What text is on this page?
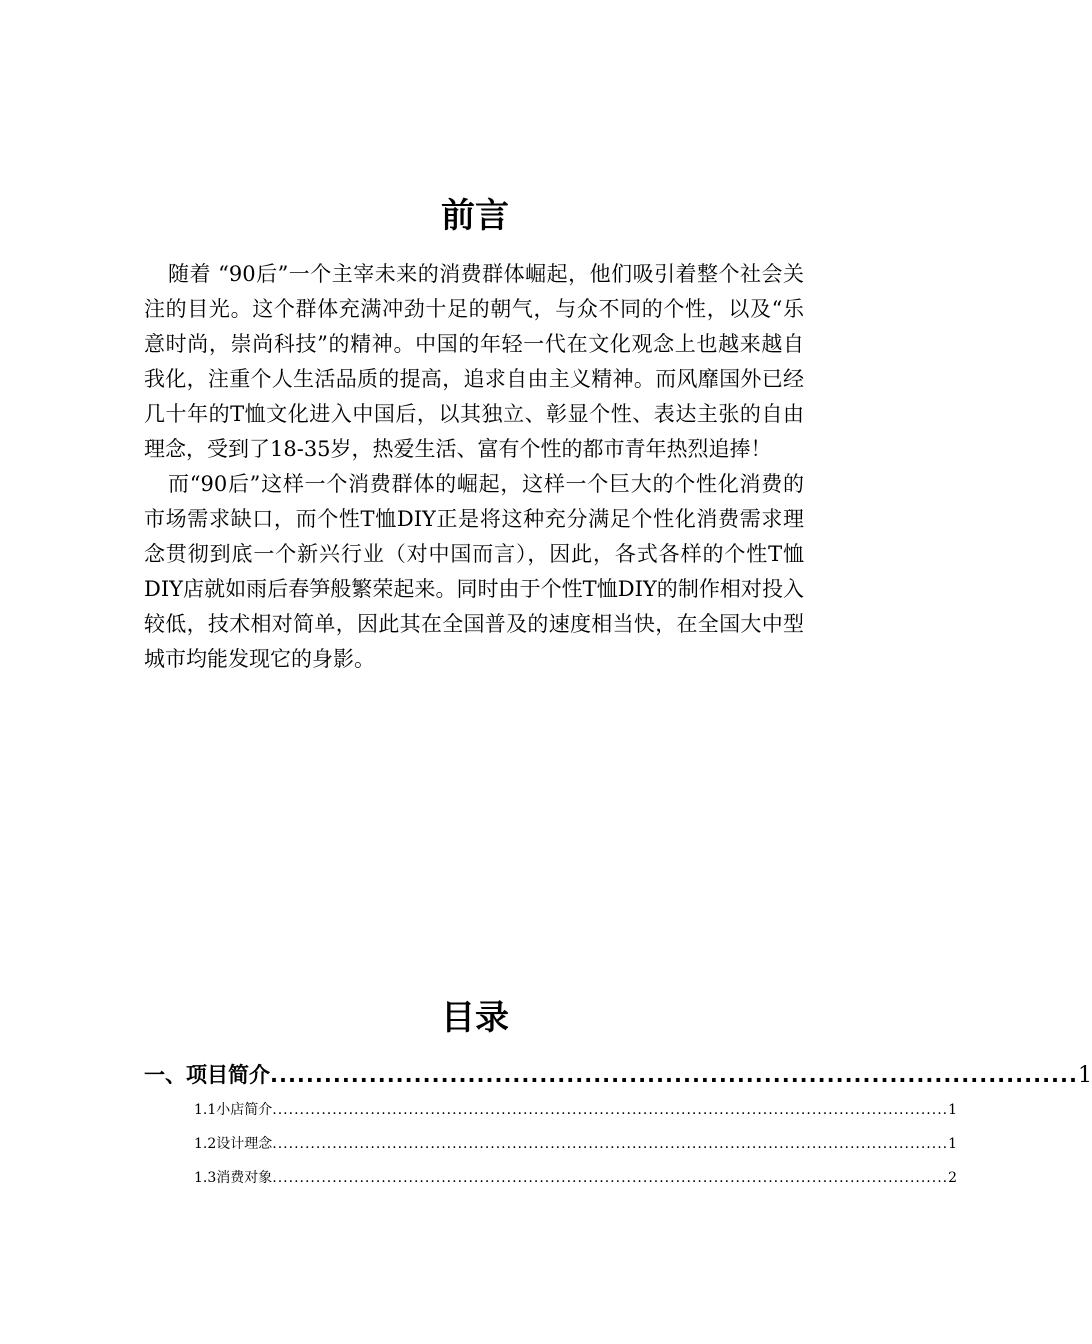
前言

随着 “90后”一个主宰未来的消费群体崛起，他们吸引着整个社会关注的目光。这个群体充满冲劲十足的朝气，与众不同的个性，以及“乐意时尚，崇尚科技”的精神。中国的年轻一代在文化观念上也越来越自我化，注重个人生活品质的提高，追求自由主义精神。而风靡国外已经几十年的T恤文化进入中国后，以其独立、彰显个性、表达主张的自由理念，受到了18-35岁，热爱生活、富有个性的都市青年热烈追捧！

而“90后”这样一个消费群体的崛起，这样一个巨大的个性化消费的市场需求缺口，而个性T恤DIY正是将这种充分满足个性化消费需求理念贯彻到底一个新兴行业（对中国而言），因此，各式各样的个性T恤DIY店就如雨后春笋般繁荣起来。同时由于个性T恤DIY的制作相对投入较低，技术相对简单，因此其在全国普及的速度相当快，在全国大中型城市均能发现它的身影。

目录
一、项目简介 .......................................................................................... 1
1.1小店简介 ............................................................................................................................ 1
1.2设计理念 ............................................................................................................................ 1
1.3消费对象 ............................................................................................................................ 2
